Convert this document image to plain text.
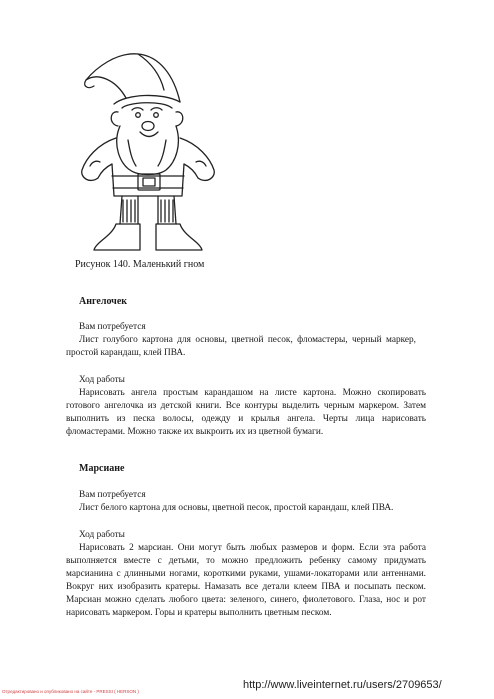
Рисунок 140. Маленький гном
Ангелочек

Вам потребуется

Лист голубого картона для основы, цветной песок, фломастеры, черный маркер, простой карандаш, клей ПВА.

Ход работы

Нарисовать ангела простым карандашом на листе картона. Можно скопировать готового ангелочка из детской книги. Все контуры выделить черным маркером. Затем выполнить из песка волосы, одежду и крылья ангела. Черты лица нарисовать фломастерами. Можно также их выкроить их из цветной бумаги.

Марсиане

Вам потребуется

Лист белого картона для основы, цветной песок, простой карандаш, клей ПВА.

Ход работы

Нарисовать 2 марсиан. Они могут быть любых размеров и форм. Если эта работа выполняется вместе с детьми, то можно предложить ребенку самому придумать марсианина с длинными ногами, короткими руками, ушами-локаторами или антеннами. Вокруг них изобразить кратеры. Намазать все детали клеем ПВА и посыпать песком. Марсиан можно сделать любого цвета: зеленого, синего, фиолетового. Глаза, нос и рот нарисовать маркером. Горы и кратеры выполнить цветным песком.

Отредактировано и опубликовано на сайте - PRESSI ( HERSON )
http://www.liveinternet.ru/users/2709653/
